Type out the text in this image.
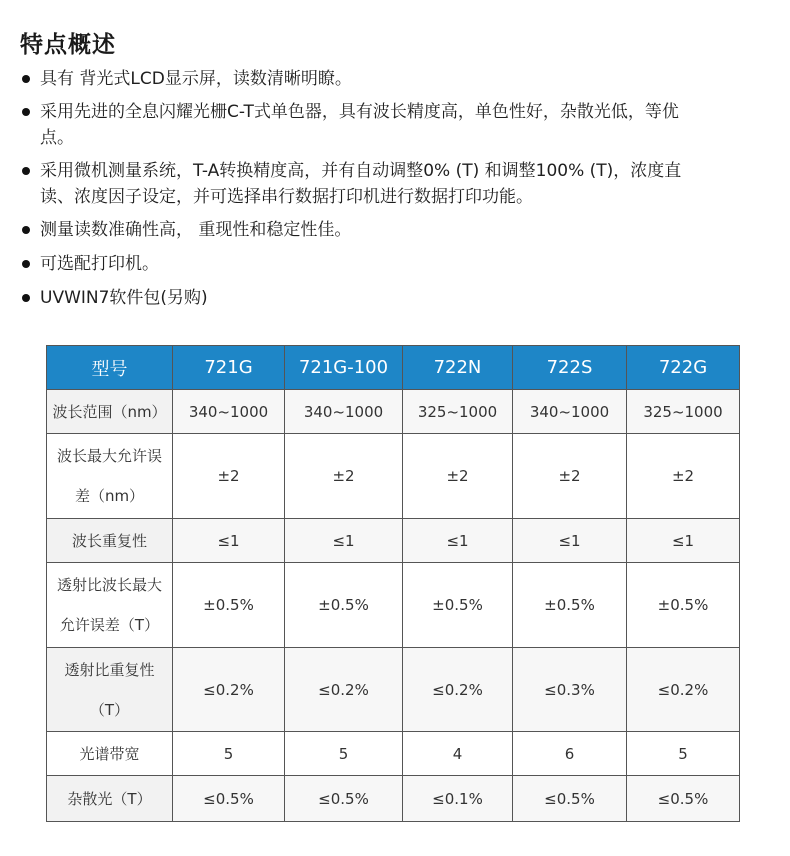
特点概述
具有 背光式LCD显示屏，读数清晰明瞭。
采用先进的全息闪耀光栅C-T式单色器，具有波长精度高，单色性好，杂散光低，等优点。
采用微机测量系统，T-A转换精度高，并有自动调整0% (T) 和调整100% (T)，浓度直读、浓度因子设定，并可选择串行数据打印机进行数据打印功能。
测量读数准确性高， 重现性和稳定性佳。
可选配打印机。
UVWIN7软件包(另购)
型号	721G	721G-100	722N	722S	722G
波长范围（nm）	340~1000	340~1000	325~1000	340~1000	325~1000
波长最大允许误差（nm）	±2	±2	±2	±2	±2
波长重复性	≤1	≤1	≤1	≤1	≤1
透射比波长最大允许误差（T）	±0.5%	±0.5%	±0.5%	±0.5%	±0.5%
透射比重复性（T）	≤0.2%	≤0.2%	≤0.2%	≤0.3%	≤0.2%
光谱带宽	5	5	4	6	5
杂散光（T）	≤0.5%	≤0.5%	≤0.1%	≤0.5%	≤0.5%
